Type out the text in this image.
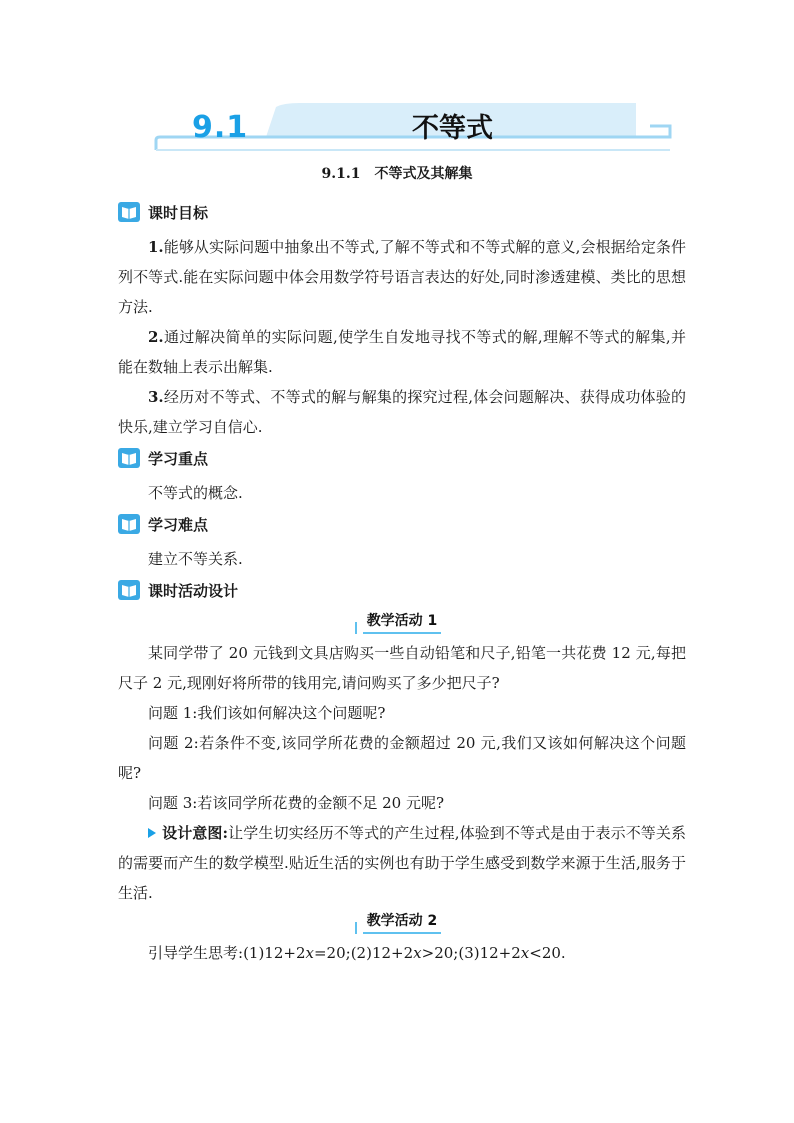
9.1	不等式
9.1.1　不等式及其解集
课时目标

1.能够从实际问题中抽象出不等式,了解不等式和不等式解的意义,会根据给定条件列不等式.能在实际问题中体会用数学符号语言表达的好处,同时渗透建模、类比的思想方法.

2.通过解决简单的实际问题,使学生自发地寻找不等式的解,理解不等式的解集,并能在数轴上表示出解集.

3.经历对不等式、不等式的解与解集的探究过程,体会问题解决、获得成功体验的快乐,建立学习自信心.

学习重点

不等式的概念.

学习难点

建立不等关系.

课时活动设计
教学活动 1

某同学带了 20 元钱到文具店购买一些自动铅笔和尺子,铅笔一共花费 12 元,每把尺子 2 元,现刚好将所带的钱用完,请问购买了多少把尺子?

问题 1:我们该如何解决这个问题呢?

问题 2:若条件不变,该同学所花费的金额超过 20 元,我们又该如何解决这个问题呢?

问题 3:若该同学所花费的金额不足 20 元呢?

设计意图:让学生切实经历不等式的产生过程,体验到不等式是由于表示不等关系的需要而产生的数学模型.贴近生活的实例也有助于学生感受到数学来源于生活,服务于生活.

教学活动 2

引导学生思考:(1)12+2x=20;(2)12+2x>20;(3)12+2x<20.
